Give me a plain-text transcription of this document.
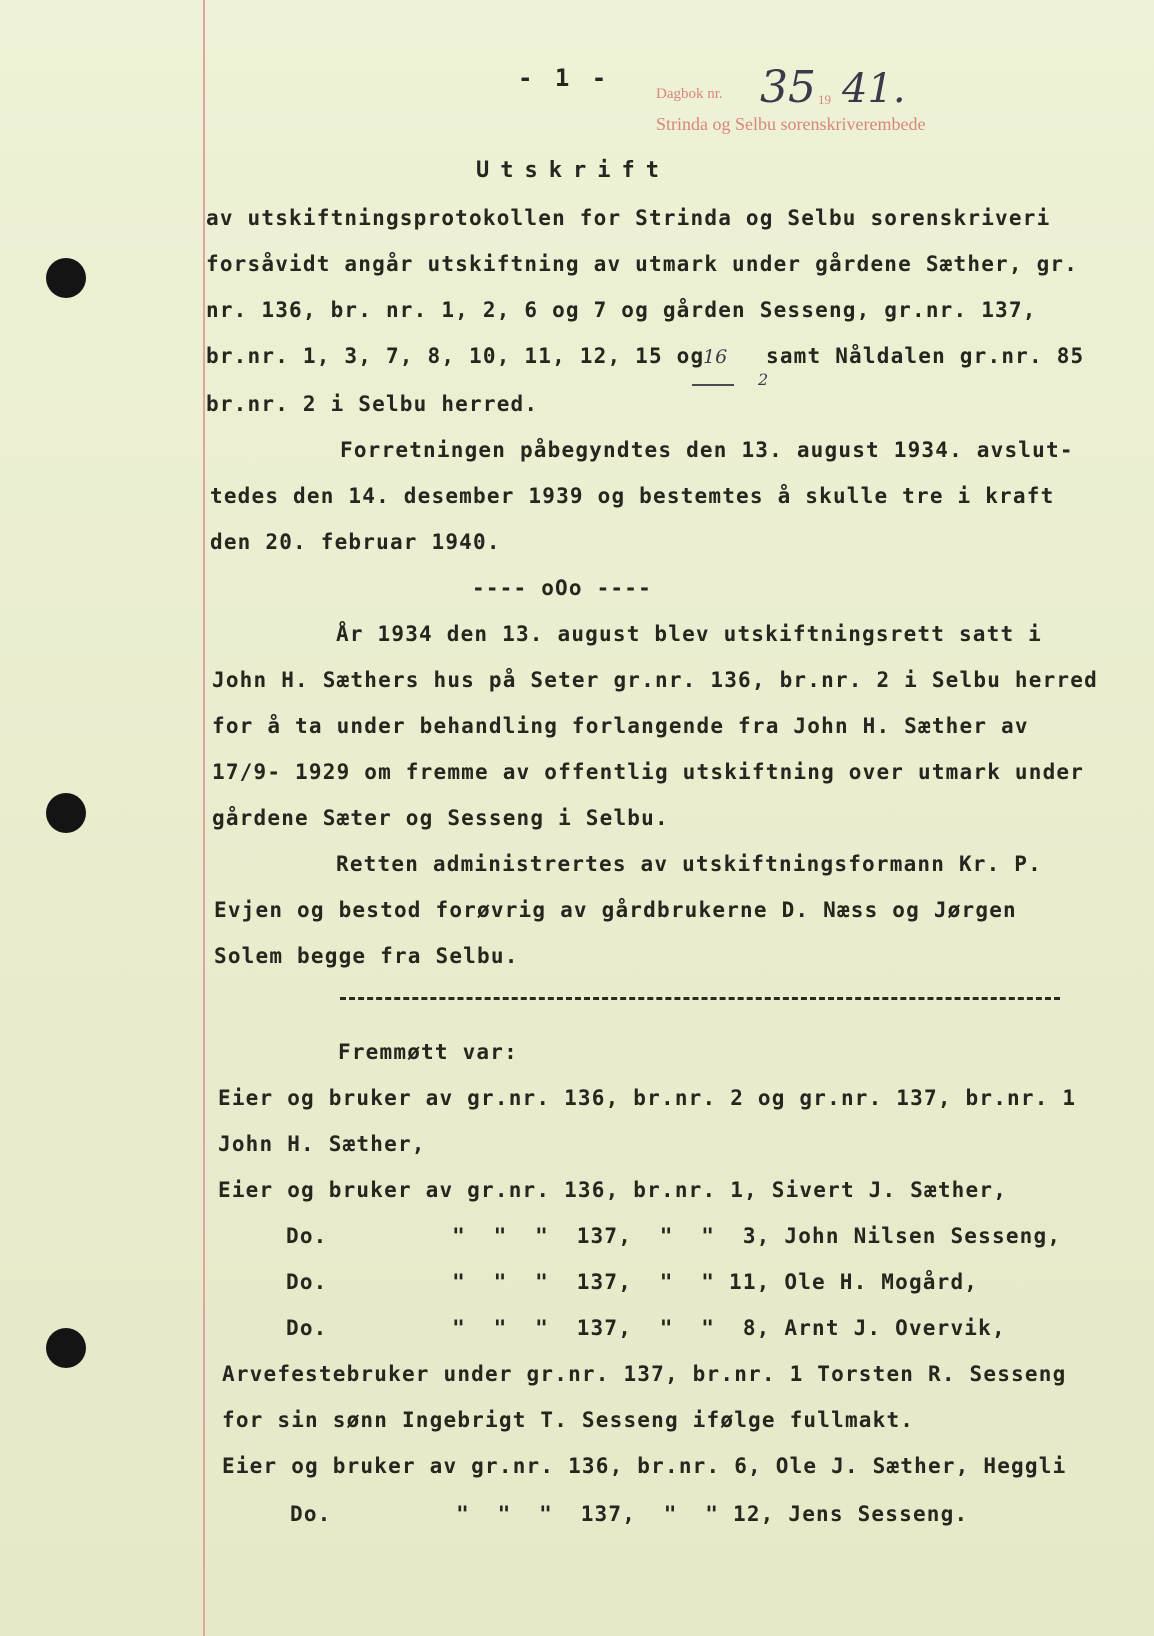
- 1 -
Dagbok nr. 35 19 41.
Strinda og Selbu sorenskriverembede
Utskrift
av utskiftningsprotokollen for Strinda og Selbu sorenskriveri
forsåvidt angår utskiftning av utmark under gårdene Sæther, gr.
nr. 136, br. nr. 1, 2, 6 og 7 og gården Sesseng, gr.nr. 137,
br.nr. 1, 3, 7, 8, 10, 11, 12, 15 og
16
2
samt Nåldalen gr.nr. 85
br.nr. 2 i Selbu herred.
Forretningen påbegyndtes den 13. august 1934. avslut-
tedes den 14. desember 1939 og bestemtes å skulle tre i kraft
den 20. februar 1940.
---- oOo ----
År 1934 den 13. august blev utskiftningsrett satt i
John H. Sæthers hus på Seter gr.nr. 136, br.nr. 2 i Selbu herred
for å ta under behandling forlangende fra John H. Sæther av
17/9- 1929 om fremme av offentlig utskiftning over utmark under
gårdene Sæter og Sesseng i Selbu.
Retten administrertes av utskiftningsformann Kr. P.
Evjen og bestod forøvrig av gårdbrukerne D. Næss og Jørgen
Solem begge fra Selbu.
Fremmøtt var:
Eier og bruker av gr.nr. 136, br.nr. 2 og gr.nr. 137, br.nr. 1
John H. Sæther,
Eier og bruker av gr.nr. 136, br.nr. 1, Sivert J. Sæther,
Do.         "  "  "  137,  "  "  3, John Nilsen Sesseng,
Do.         "  "  "  137,  "  " 11, Ole H. Mogård,
Do.         "  "  "  137,  "  "  8, Arnt J. Overvik,
Arvefestebruker under gr.nr. 137, br.nr. 1 Torsten R. Sesseng
for sin sønn Ingebrigt T. Sesseng ifølge fullmakt.
Eier og bruker av gr.nr. 136, br.nr. 6, Ole J. Sæther, Heggli
Do.         "  "  "  137,  "  " 12, Jens Sesseng.
